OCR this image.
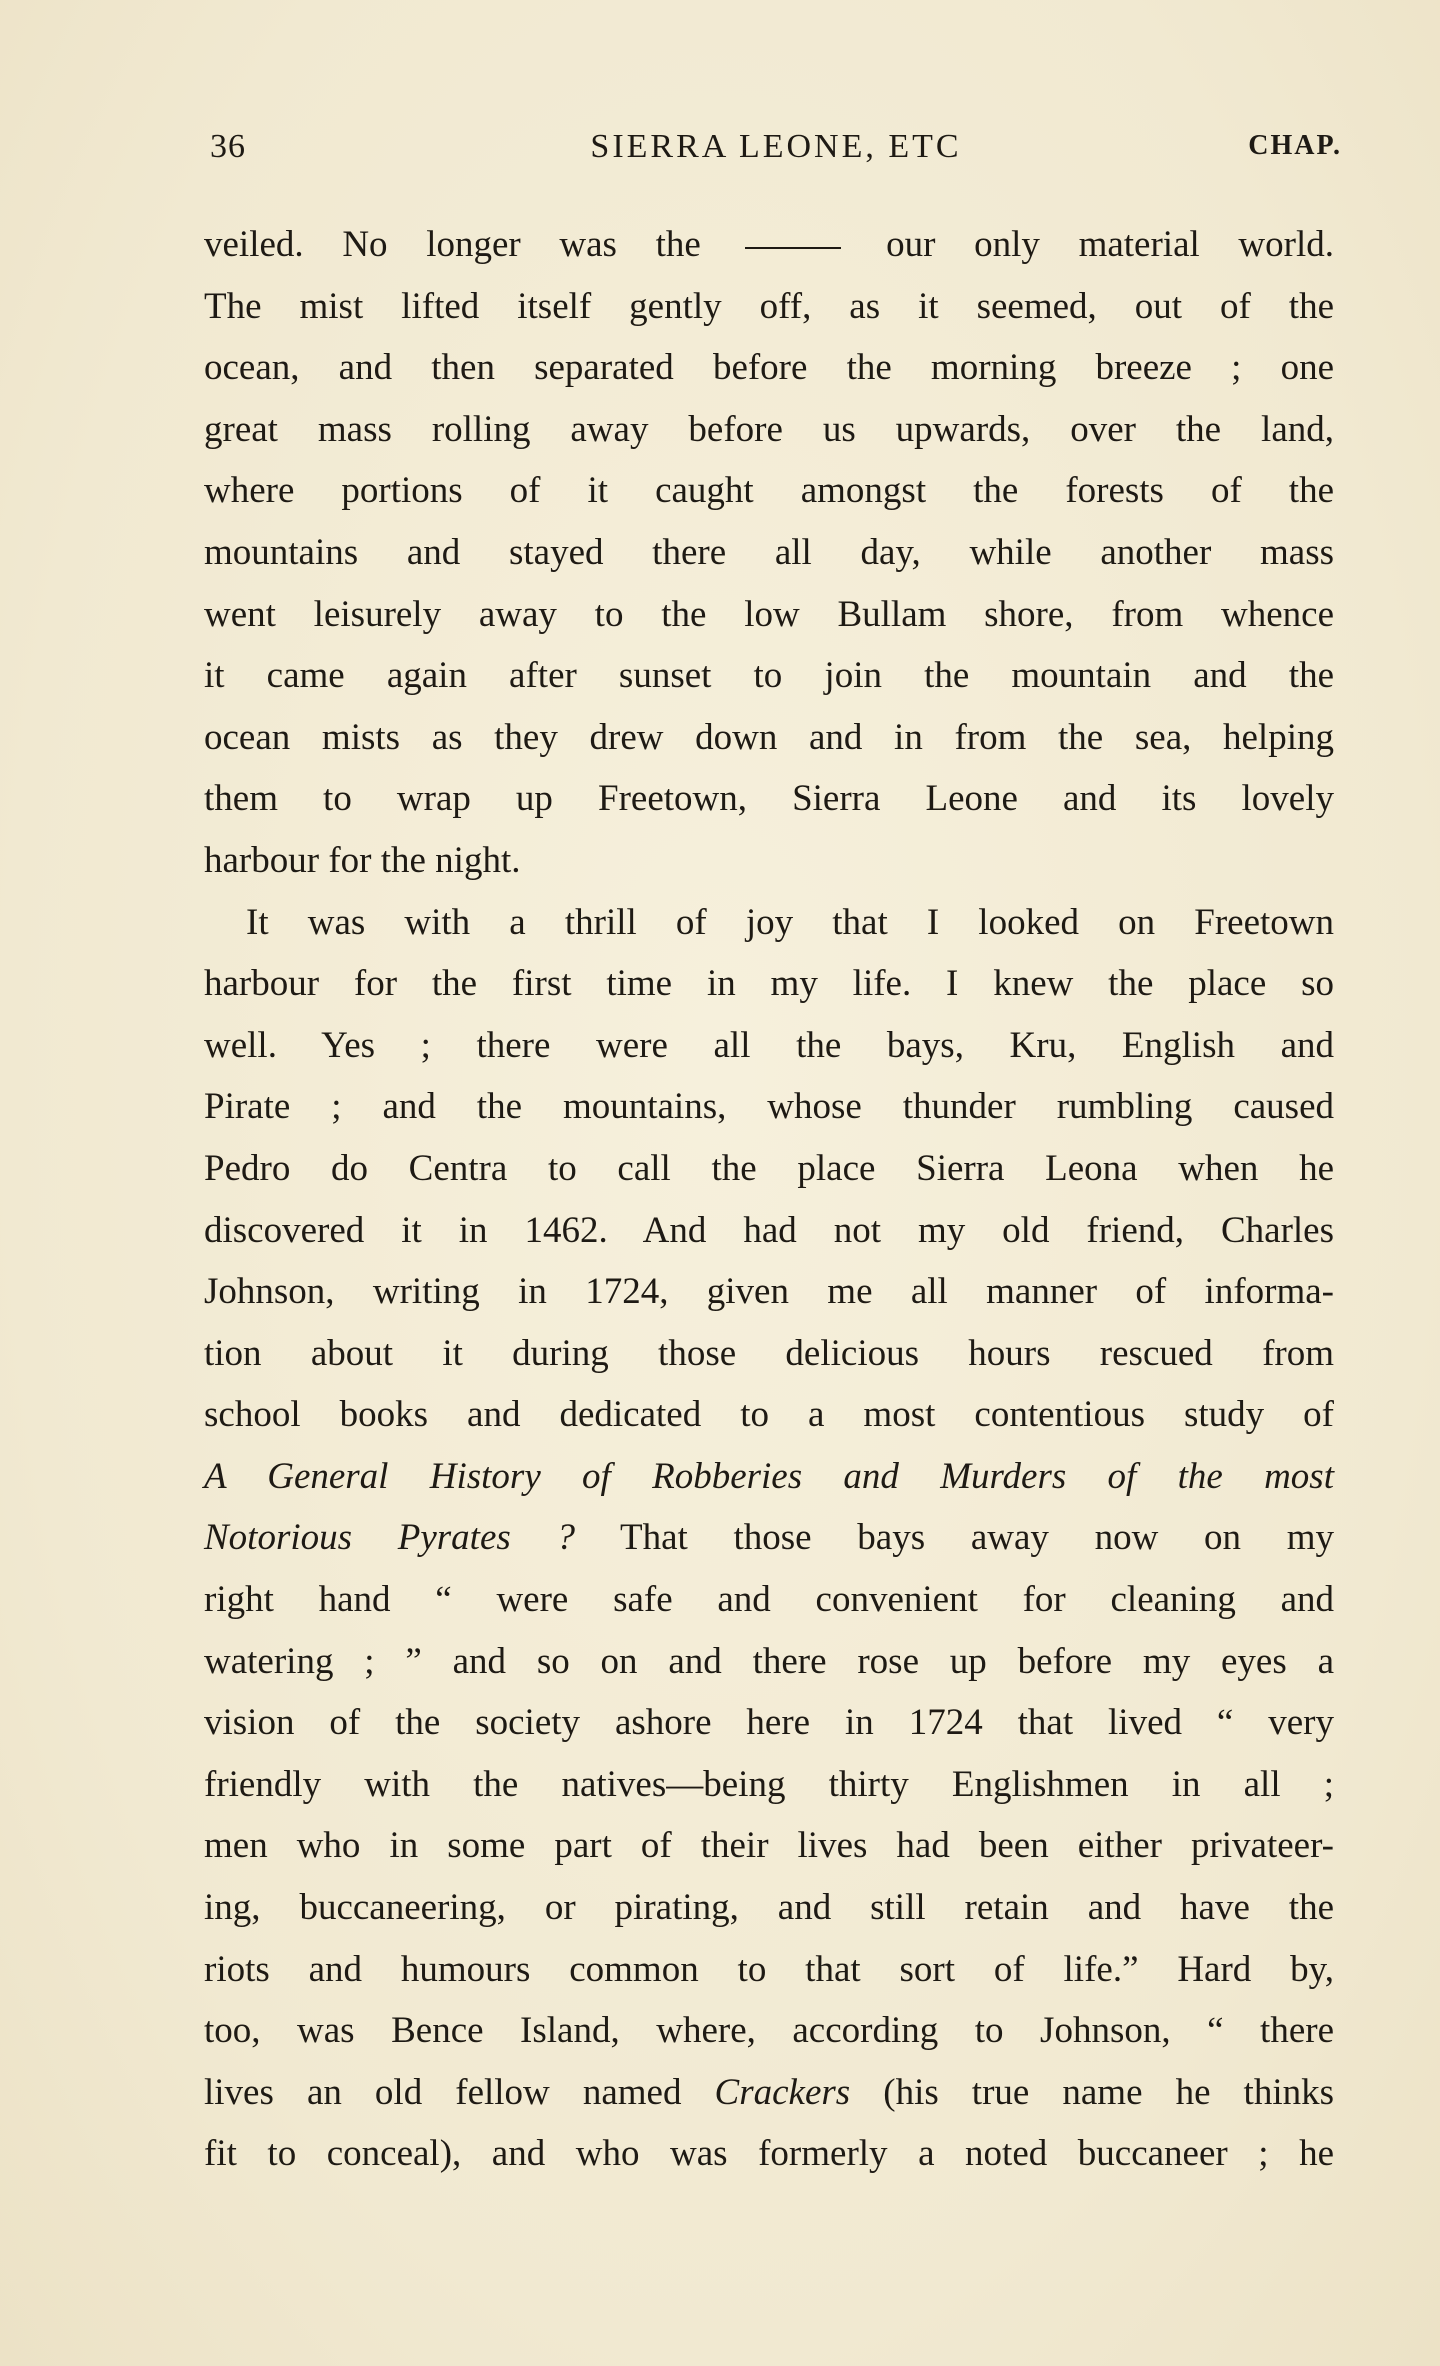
36	SIERRA LEONE, ETC	CHAP.
veiled. No longer was the	our only material world.
The mist lifted itself gently off, as it seemed, out of the
ocean, and then separated before the morning breeze ; one
great mass rolling away before us upwards, over the land,
where portions of it caught amongst the forests of the
mountains and stayed there all day, while another mass
went leisurely away to the low Bullam shore, from whence
it came again after sunset to join the mountain and the
ocean mists as they drew down and in from the sea, helping
them to wrap up Freetown, Sierra Leone and its lovely
harbour for the night.
It was with a thrill of joy that I looked on Freetown
harbour for the first time in my life. I knew the place so
well. Yes ; there were all the bays, Kru, English and
Pirate ; and the mountains, whose thunder rumbling caused
Pedro do Centra to call the place Sierra Leona when he
discovered it in 1462. And had not my old friend, Charles
Johnson, writing in 1724, given me all manner of informa-
tion about it during those delicious hours rescued from
school books and dedicated to a most contentious study of
A General History of Robberies and Murders of the most
Notorious Pyrates ? That those bays away now on my
right hand “ were safe and convenient for cleaning and
watering ; ” and so on and there rose up before my eyes a
vision of the society ashore here in 1724 that lived “ very
friendly with the natives—being thirty Englishmen in all ;
men who in some part of their lives had been either privateer-
ing, buccaneering, or pirating, and still retain and have the
riots and humours common to that sort of life.” Hard by,
too, was Bence Island, where, according to Johnson, “ there
lives an old fellow named Crackers (his true name he thinks
fit to conceal), and who was formerly a noted buccaneer ; he
